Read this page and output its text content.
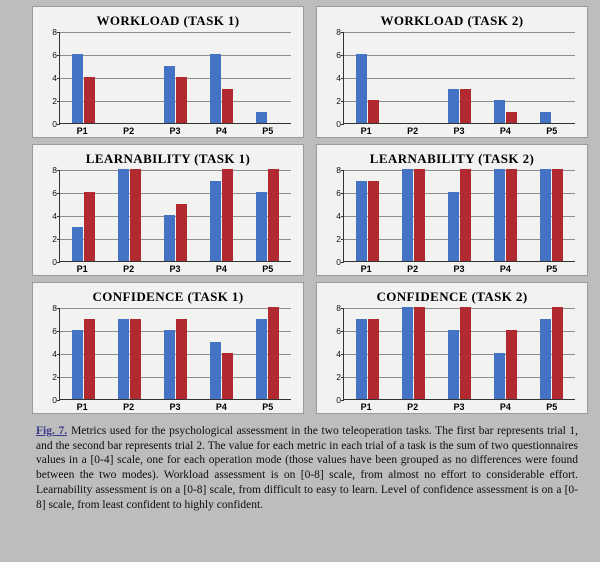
WORKLOAD (TASK 1)
0
2
4
6
8
P1	P2	P3	P4	P5
WORKLOAD (TASK 2)
0
2
4
6
8
P1	P2	P3	P4	P5
LEARNABILITY (TASK 1)
0
2
4
6
8
P1	P2	P3	P4	P5
LEARNABILITY (TASK 2)
0
2
4
6
8
P1	P2	P3	P4	P5
CONFIDENCE (TASK 1)
0
2
4
6
8
P1	P2	P3	P4	P5
CONFIDENCE (TASK 2)
0
2
4
6
8
P1	P2	P3	P4	P5
Fig. 7. Metrics used for the psychological assessment in the two teleoperation tasks. The first bar represents trial 1, and the second bar represents trial 2. The value for each metric in each trial of a task is the sum of two questionnaires values in a [0-4] scale, one for each operation mode (those values have been grouped as no differences were found between the two modes). Workload assessment is on [0-8] scale, from almost no effort to considerable effort. Learnability assessment is on a [0-8] scale, from difficult to easy to learn. Level of confidence assessment is on a [0-8] scale, from least confident to highly confident.
